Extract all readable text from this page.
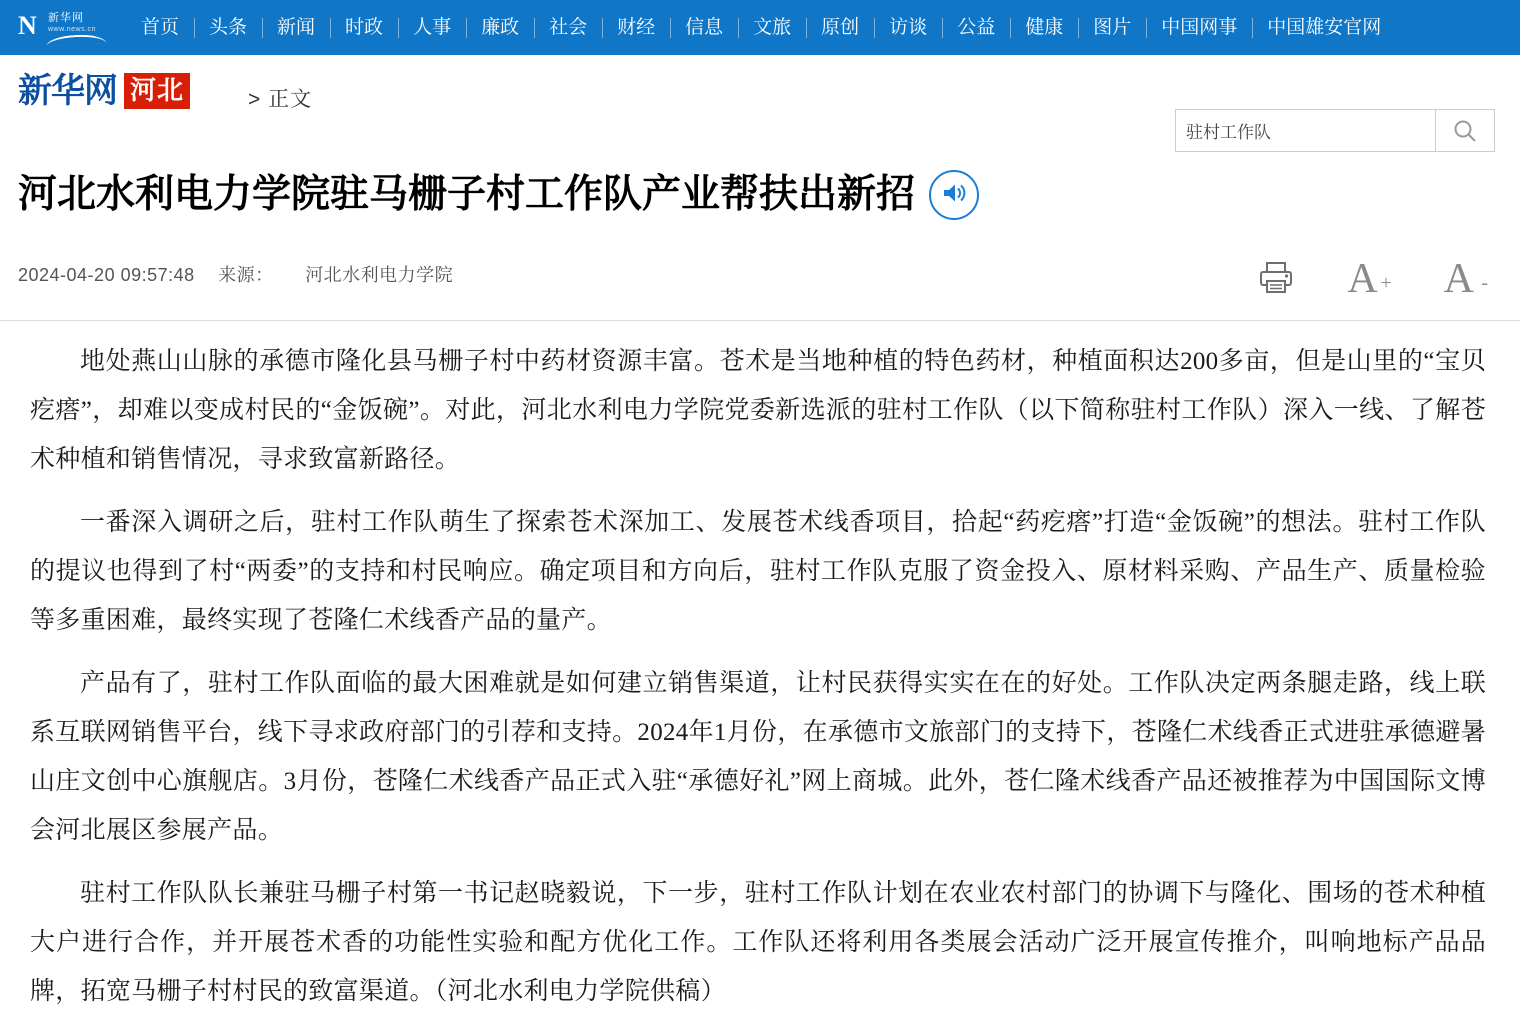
N 新华网
www.news.cn	首页	头条	新闻	时政	人事	廉政	社会	财经	信息	文旅	原创	访谈	公益	健康	图片	中国网事	中国雄安官网
新华网 河北	> 正文
驻村工作队
河北水利电力学院驻马栅子村工作队产业帮扶出新招
2024-04-20 09:57:48 来源： 河北水利电力学院	A + A -

地处燕山山脉的承德市隆化县马栅子村中药材资源丰富。苍术是当地种植的特色药材，种植面积达200多亩，但是山里的“宝贝疙瘩”，却难以变成村民的“金饭碗”。对此，河北水利电力学院党委新选派的驻村工作队（以下简称驻村工作队）深入一线、了解苍术种植和销售情况，寻求致富新路径。

一番深入调研之后，驻村工作队萌生了探索苍术深加工、发展苍术线香项目，拾起“药疙瘩”打造“金饭碗”的想法。驻村工作队的提议也得到了村“两委”的支持和村民响应。确定项目和方向后，驻村工作队克服了资金投入、原材料采购、产品生产、质量检验等多重困难，最终实现了苍隆仁术线香产品的量产。

产品有了，驻村工作队面临的最大困难就是如何建立销售渠道，让村民获得实实在在的好处。工作队决定两条腿走路，线上联系互联网销售平台，线下寻求政府部门的引荐和支持。2024年1月份，在承德市文旅部门的支持下，苍隆仁术线香正式进驻承德避暑山庄文创中心旗舰店。3月份，苍隆仁术线香产品正式入驻“承德好礼”网上商城。此外，苍仁隆术线香产品还被推荐为中国国际文博会河北展区参展产品。

驻村工作队队长兼驻马栅子村第一书记赵晓毅说，下一步，驻村工作队计划在农业农村部门的协调下与隆化、围场的苍术种植大户进行合作，并开展苍术香的功能性实验和配方优化工作。工作队还将利用各类展会活动广泛开展宣传推介，叫响地标产品品牌，拓宽马栅子村村民的致富渠道。（河北水利电力学院供稿）
